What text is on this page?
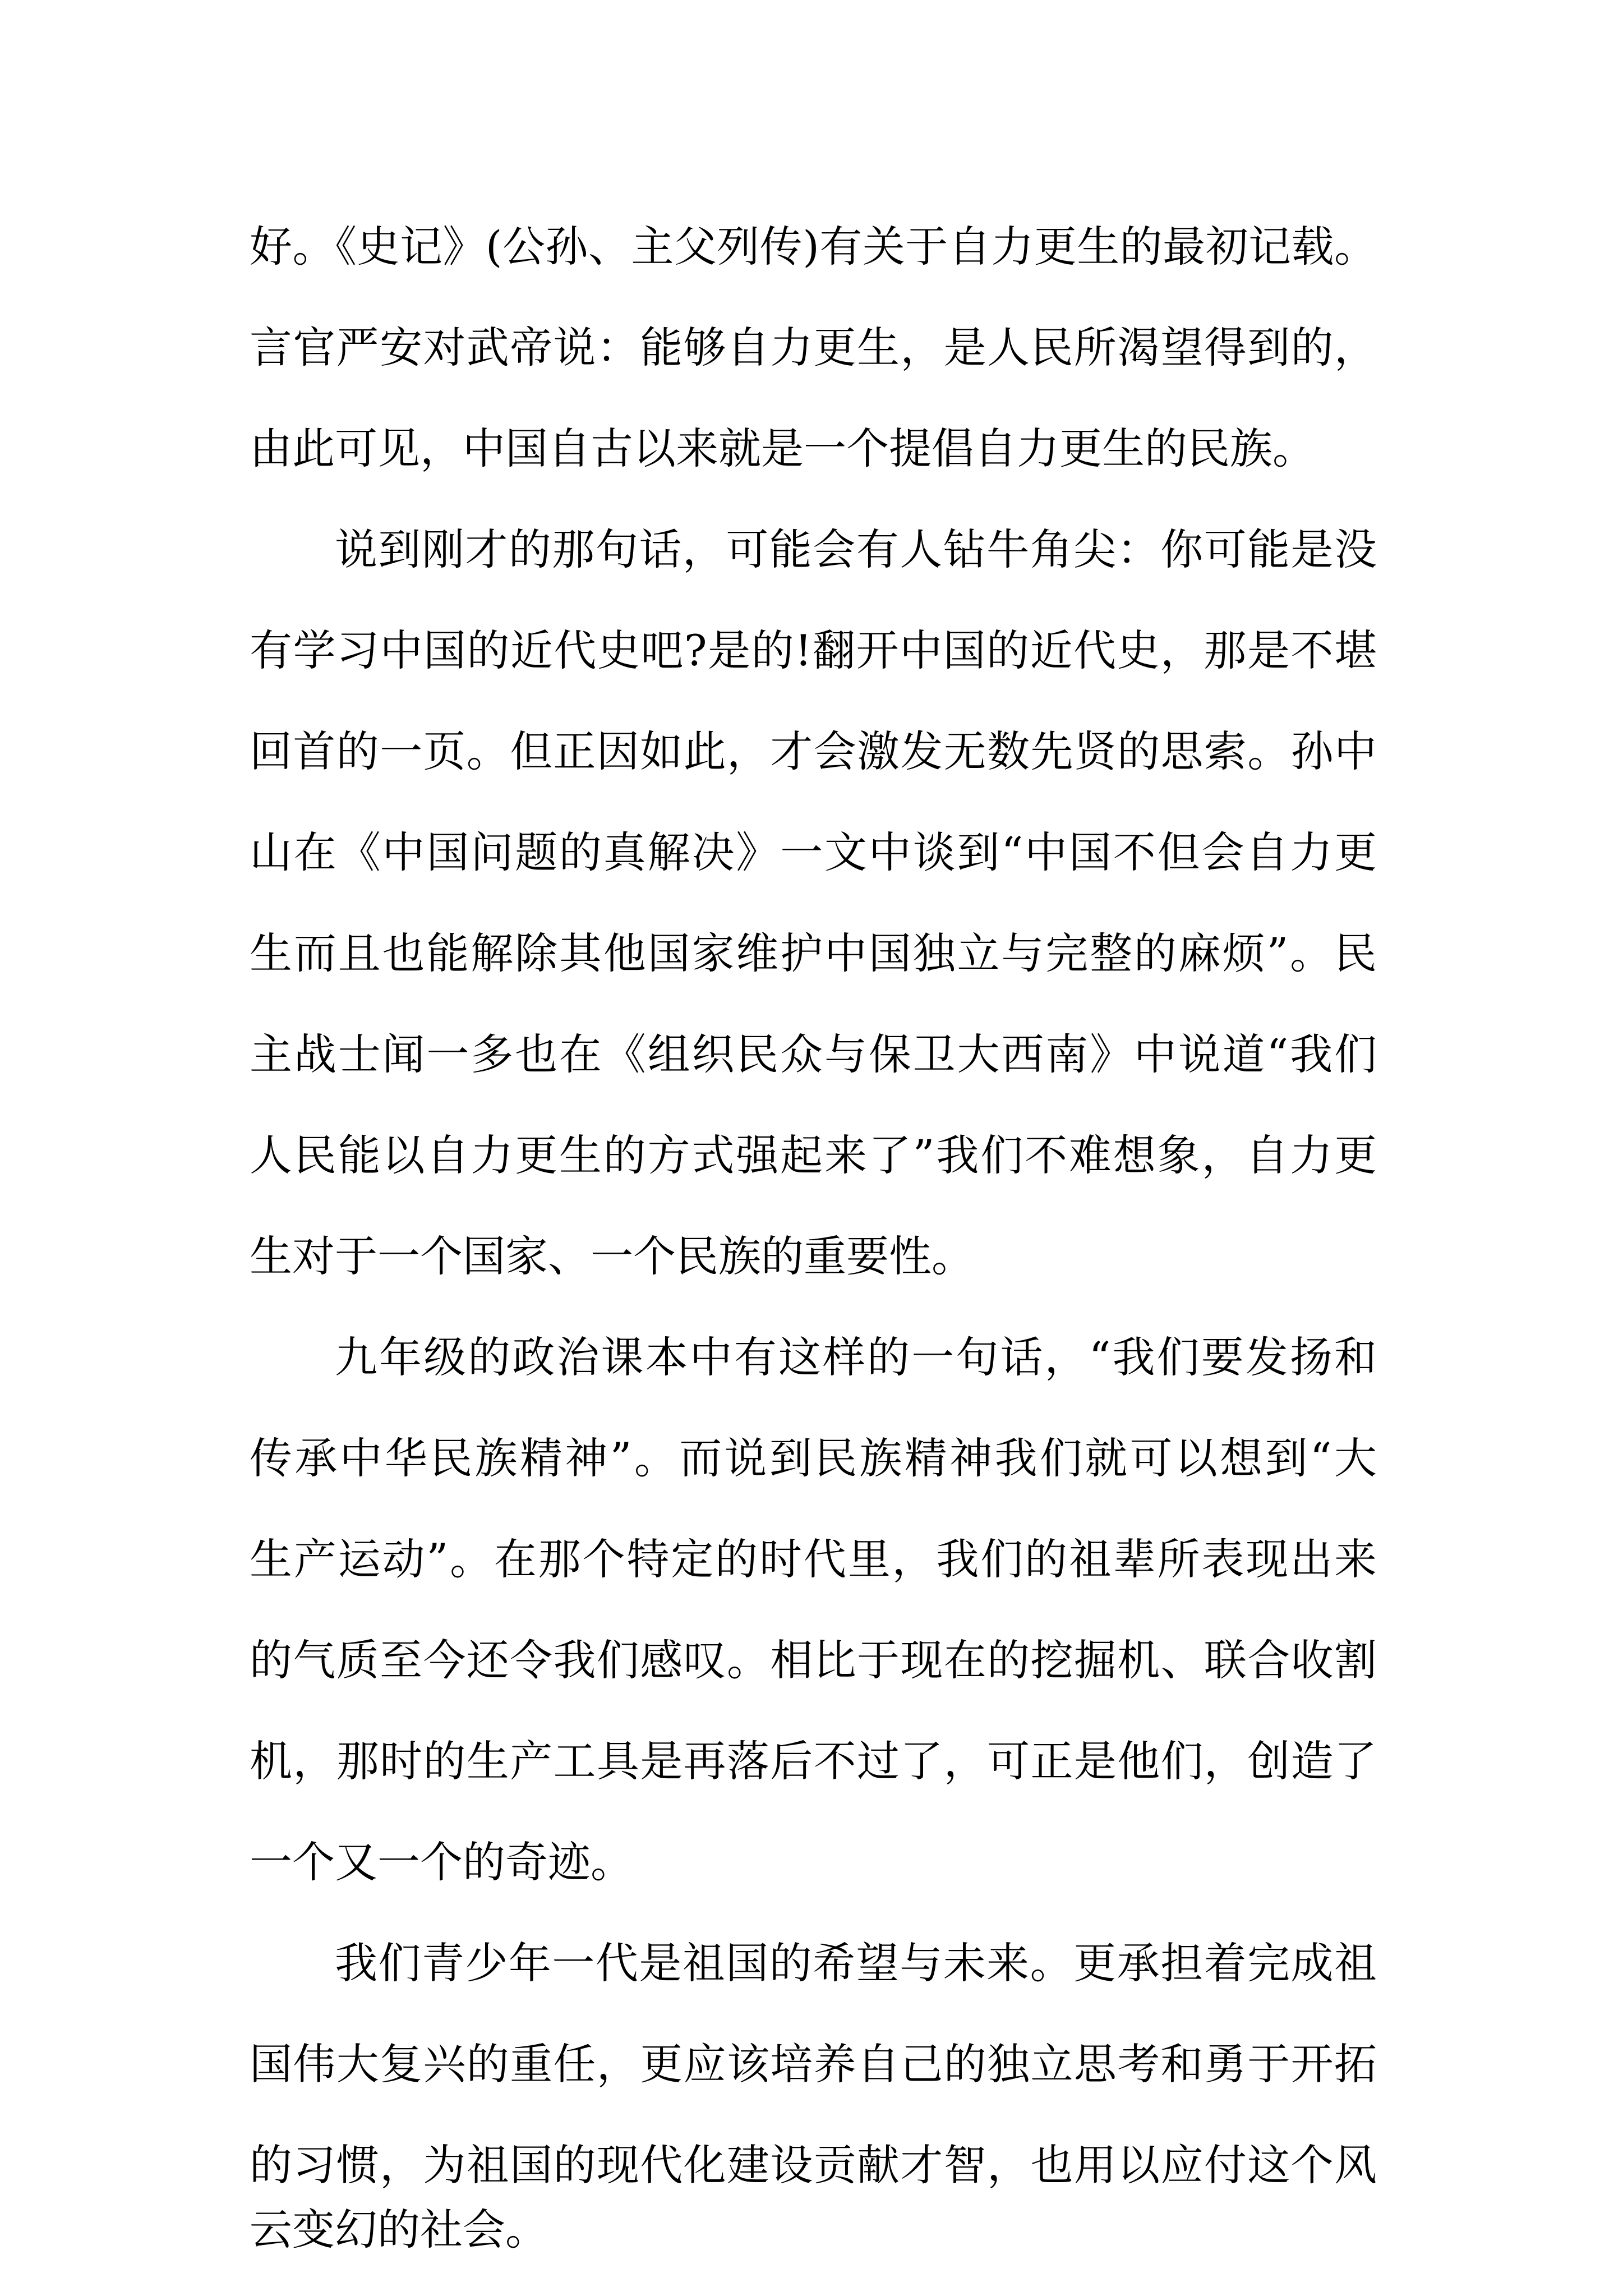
好。《史记》(公孙、主父列传)有关于自力更生的最初记载。
言官严安对武帝说：能够自力更生，是人民所渴望得到的，
由此可见，中国自古以来就是一个提倡自力更生的民族。
说到刚才的那句话，可能会有人钻牛角尖：你可能是没
有学习中国的近代史吧?是的!翻开中国的近代史，那是不堪
回首的一页。但正因如此，才会激发无数先贤的思索。孙中
山在《中国问题的真解决》一文中谈到“中国不但会自力更
生而且也能解除其他国家维护中国独立与完整的麻烦”。民
主战士闻一多也在《组织民众与保卫大西南》中说道“我们
人民能以自力更生的方式强起来了”我们不难想象，自力更
生对于一个国家、一个民族的重要性。
九年级的政治课本中有这样的一句话，“我们要发扬和
传承中华民族精神”。而说到民族精神我们就可以想到“大
生产运动”。在那个特定的时代里，我们的祖辈所表现出来
的气质至今还令我们感叹。相比于现在的挖掘机、联合收割
机，那时的生产工具是再落后不过了，可正是他们，创造了
一个又一个的奇迹。
我们青少年一代是祖国的希望与未来。更承担着完成祖
国伟大复兴的重任，更应该培养自己的独立思考和勇于开拓
的习惯，为祖国的现代化建设贡献才智，也用以应付这个风
云变幻的社会。
